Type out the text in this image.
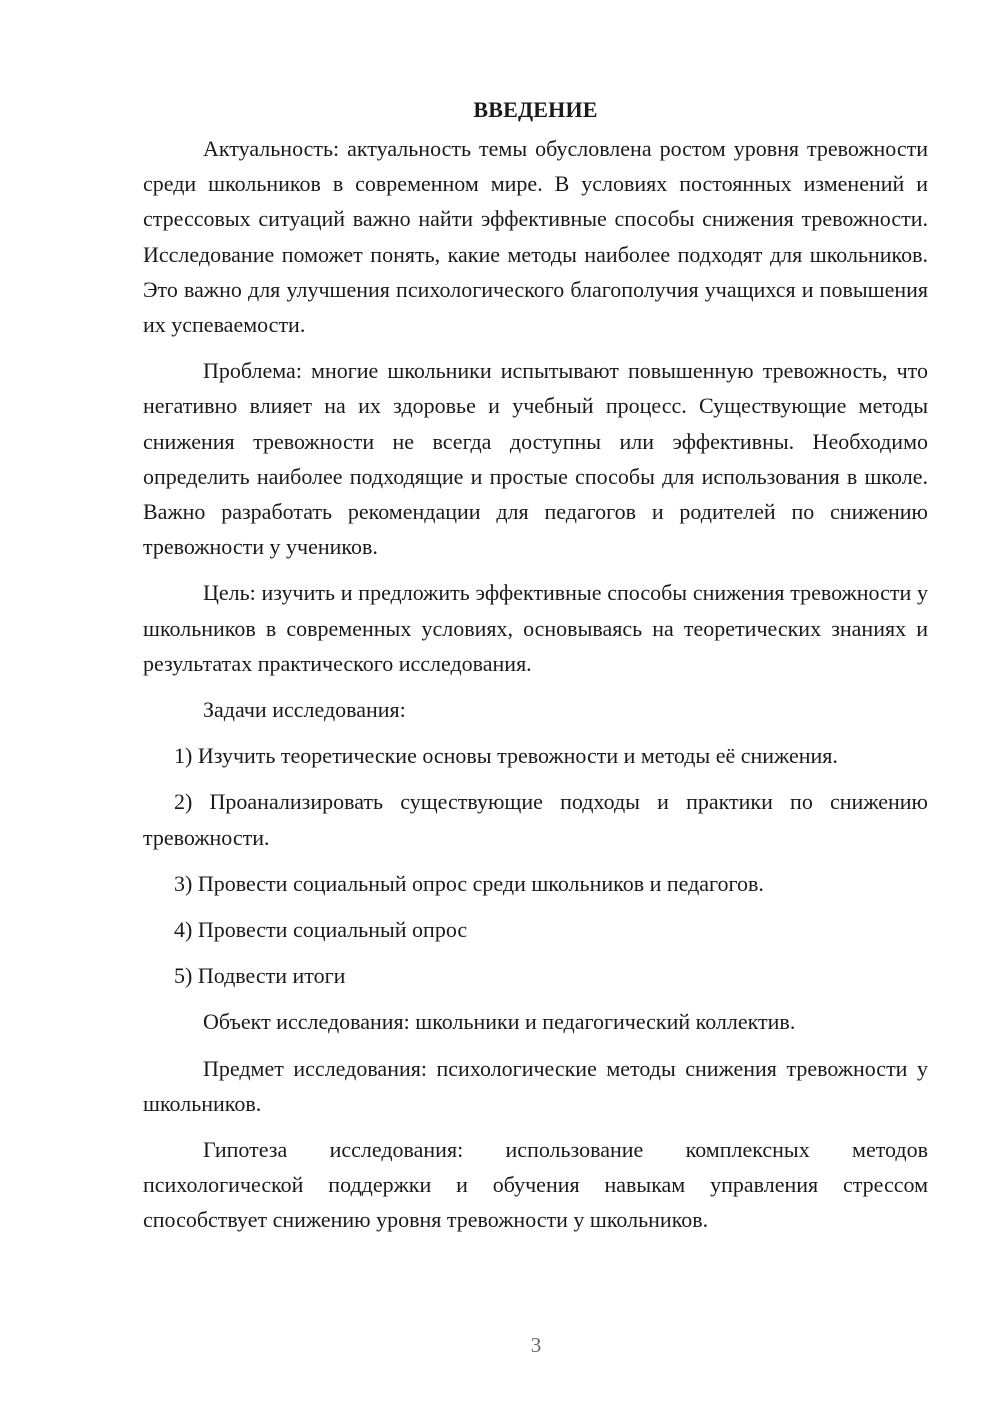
ВВЕДЕНИЕ

Актуальность: актуальность темы обусловлена ростом уровня тревожности среди школьников в современном мире. В условиях постоянных изменений и стрессовых ситуаций важно найти эффективные способы снижения тревожности. Исследование поможет понять, какие методы наиболее подходят для школьников. Это важно для улучшения психологического благополучия учащихся и повышения их успеваемости.

Проблема: многие школьники испытывают повышенную тревожность, что негативно влияет на их здоровье и учебный процесс. Существующие методы снижения тревожности не всегда доступны или эффективны. Необходимо определить наиболее подходящие и простые способы для использования в школе. Важно разработать рекомендации для педагогов и родителей по снижению тревожности у учеников.

Цель: изучить и предложить эффективные способы снижения тревожности у школьников в современных условиях, основываясь на теоретических знаниях и результатах практического исследования.

Задачи исследования:

1) Изучить теоретические основы тревожности и методы её снижения.

2) Проанализировать существующие подходы и практики по снижению тревожности.

3) Провести социальный опрос среди школьников и педагогов.

4) Провести социальный опрос

5) Подвести итоги

Объект исследования: школьники и педагогический коллектив.

Предмет исследования: психологические методы снижения тревожности у школьников.

Гипотеза исследования: использование комплексных методов психологической поддержки и обучения навыкам управления стрессом способствует снижению уровня тревожности у школьников.

3
